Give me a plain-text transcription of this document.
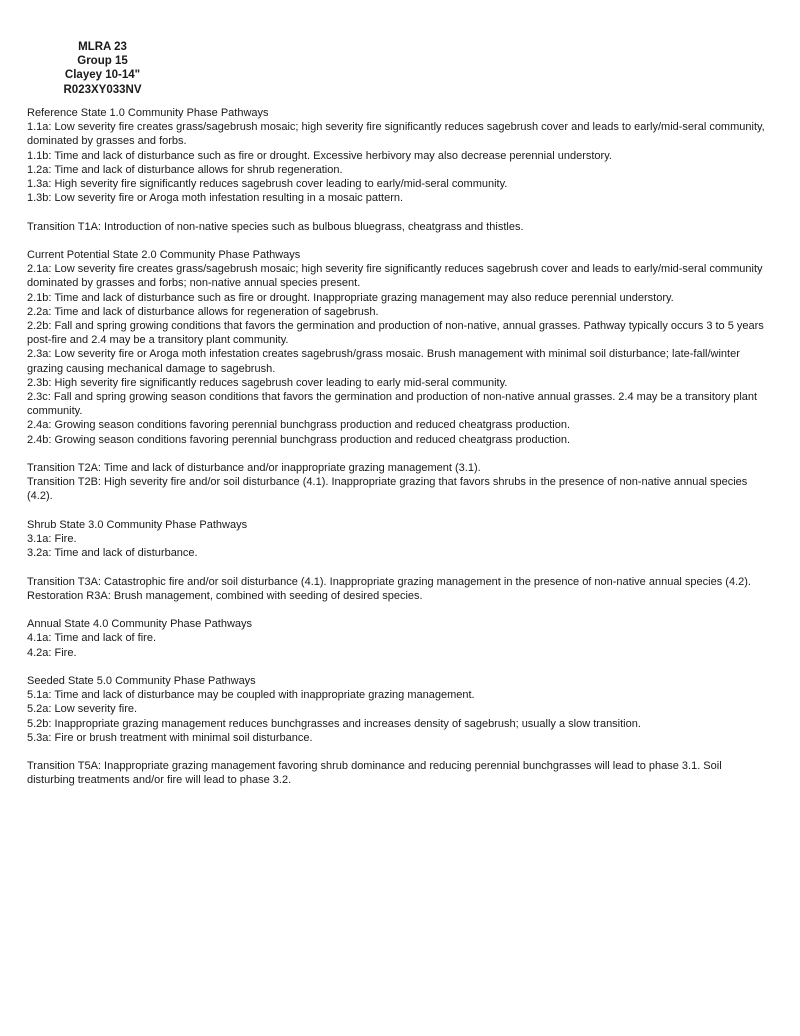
MLRA 23
Group 15
Clayey 10-14"
R023XY033NV
Reference State 1.0 Community Phase Pathways
1.1a: Low severity fire creates grass/sagebrush mosaic; high severity fire significantly reduces sagebrush cover and leads to early/mid-seral community, dominated by grasses and forbs.
1.1b: Time and lack of disturbance such as fire or drought. Excessive herbivory may also decrease perennial understory.
1.2a: Time and lack of disturbance allows for shrub regeneration.
1.3a: High severity fire significantly reduces sagebrush cover leading to early/mid-seral community.
1.3b: Low severity fire or Aroga moth infestation resulting in a mosaic pattern.
Transition T1A: Introduction of non-native species such as bulbous bluegrass, cheatgrass and thistles.
Current Potential State 2.0 Community Phase Pathways
2.1a: Low severity fire creates grass/sagebrush mosaic; high severity fire significantly reduces sagebrush cover and leads to early/mid-seral community dominated by grasses and forbs; non-native annual species present.
2.1b: Time and lack of disturbance such as fire or drought. Inappropriate grazing management may also reduce perennial understory.
2.2a: Time and lack of disturbance allows for regeneration of sagebrush.
2.2b: Fall and spring growing conditions that favors the germination and production of non-native, annual grasses. Pathway typically occurs 3 to 5 years post-fire and 2.4 may be a transitory plant community.
2.3a: Low severity fire or Aroga moth infestation creates sagebrush/grass mosaic. Brush management with minimal soil disturbance; late-fall/winter grazing causing mechanical damage to sagebrush.
2.3b: High severity fire significantly reduces sagebrush cover leading to early mid-seral community.
2.3c: Fall and spring growing season conditions that favors the germination and production of non-native annual grasses. 2.4 may be a transitory plant community.
2.4a: Growing season conditions favoring perennial bunchgrass production and reduced cheatgrass production.
2.4b: Growing season conditions favoring perennial bunchgrass production and reduced cheatgrass production.
Transition T2A: Time and lack of disturbance and/or inappropriate grazing management (3.1).
Transition T2B: High severity fire and/or soil disturbance (4.1). Inappropriate grazing that favors shrubs in the presence of non-native annual species (4.2).
Shrub State 3.0 Community Phase Pathways
3.1a: Fire.
3.2a: Time and lack of disturbance.
Transition T3A: Catastrophic fire and/or soil disturbance (4.1). Inappropriate grazing management in the presence of non-native annual species (4.2).
Restoration R3A: Brush management, combined with seeding of desired species.
Annual State 4.0 Community Phase Pathways
4.1a: Time and lack of fire.
4.2a: Fire.
Seeded State 5.0 Community Phase Pathways
5.1a: Time and lack of disturbance may be coupled with inappropriate grazing management.
5.2a: Low severity fire.
5.2b: Inappropriate grazing management reduces bunchgrasses and increases density of sagebrush; usually a slow transition.
5.3a: Fire or brush treatment with minimal soil disturbance.
Transition T5A: Inappropriate grazing management favoring shrub dominance and reducing perennial bunchgrasses will lead to phase 3.1. Soil disturbing treatments and/or fire will lead to phase 3.2.
